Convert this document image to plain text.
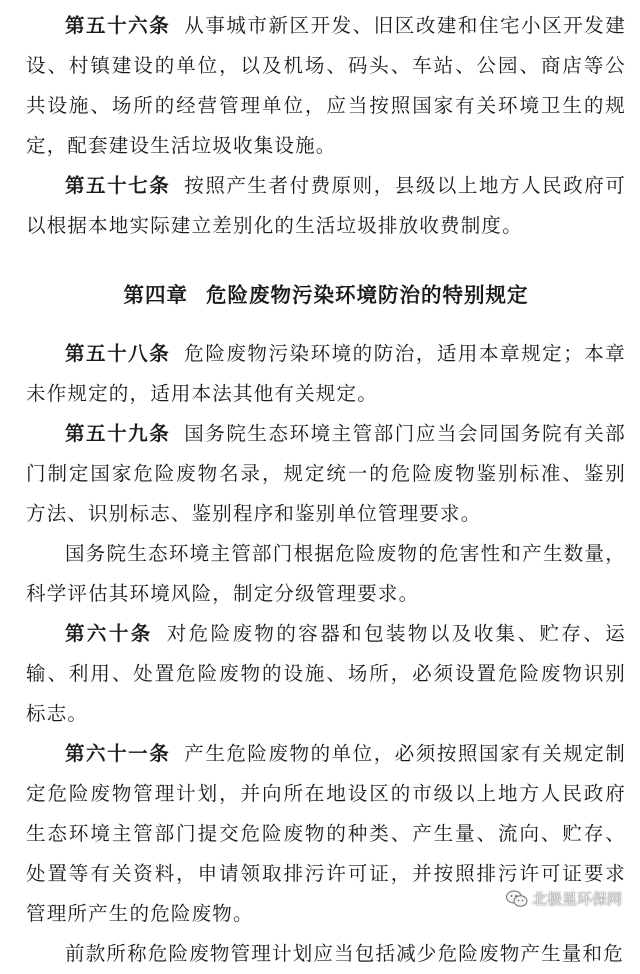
第五十六条 从事城市新区开发、旧区改建和住宅小区开发建设、村镇建设的单位，以及机场、码头、车站、公园、商店等公共设施、场所的经营管理单位，应当按照国家有关环境卫生的规定，配套建设生活垃圾收集设施。

第五十七条 按照产生者付费原则，县级以上地方人民政府可以根据本地实际建立差别化的生活垃圾排放收费制度。

第四章 危险废物污染环境防治的特别规定

第五十八条 危险废物污染环境的防治，适用本章规定；本章未作规定的，适用本法其他有关规定。

第五十九条 国务院生态环境主管部门应当会同国务院有关部门制定国家危险废物名录，规定统一的危险废物鉴别标准、鉴别方法、识别标志、鉴别程序和鉴别单位管理要求。

国务院生态环境主管部门根据危险废物的危害性和产生数量，科学评估其环境风险，制定分级管理要求。

第六十条 对危险废物的容器和包装物以及收集、贮存、运输、利用、处置危险废物的设施、场所，必须设置危险废物识别标志。

第六十一条 产生危险废物的单位，必须按照国家有关规定制定危险废物管理计划，并向所在地设区的市级以上地方人民政府生态环境主管部门提交危险废物的种类、产生量、流向、贮存、处置等有关资料，申请领取排污许可证，并按照排污许可证要求管理所产生的危险废物。

前款所称危险废物管理计划应当包括减少危险废物产生量和危

北极星环保网
